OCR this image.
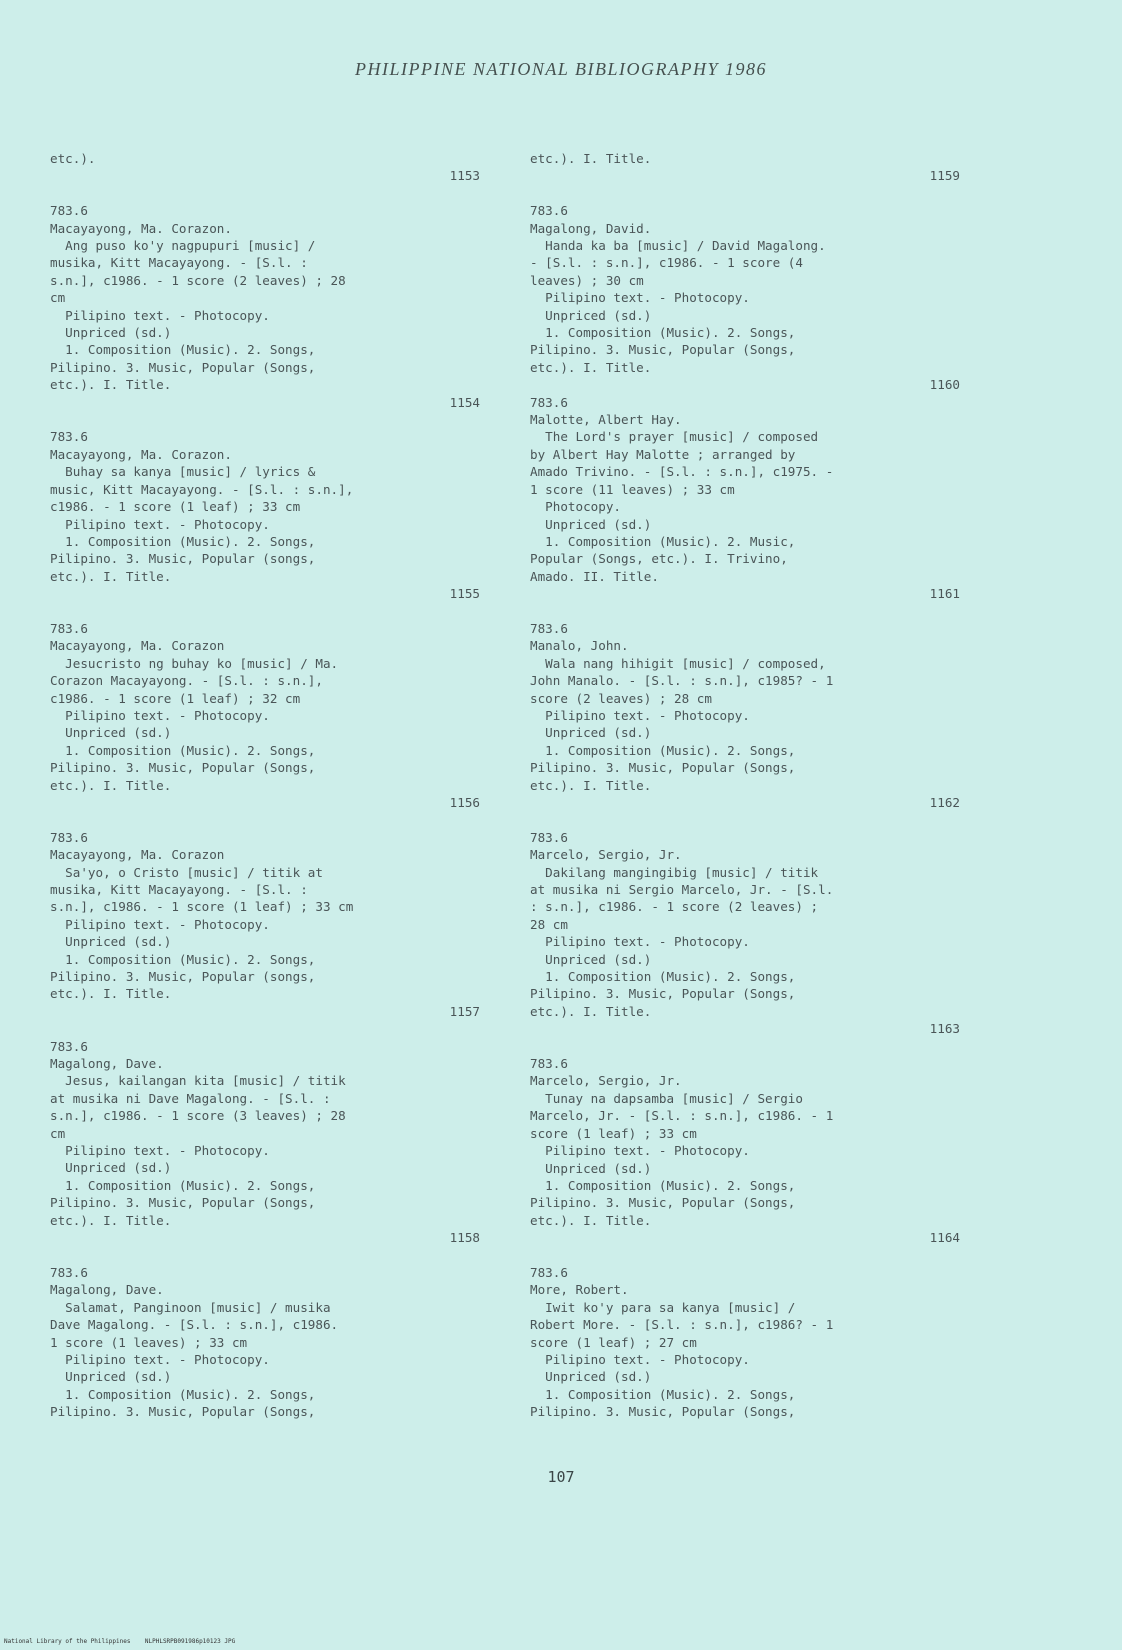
PHILIPPINE NATIONAL BIBLIOGRAPHY 1986
etc.).
1153
783.6
Macayayong, Ma. Corazon.
Ang puso ko'y nagpupuri [music] /
musika, Kitt Macayayong. - [S.l. :
s.n.], c1986. - 1 score (2 leaves) ; 28
cm
Pilipino text. - Photocopy.
Unpriced (sd.)
1. Composition (Music). 2. Songs,
Pilipino. 3. Music, Popular (Songs,
etc.). I. Title.
1154
783.6
Macayayong, Ma. Corazon.
Buhay sa kanya [music] / lyrics &
music, Kitt Macayayong. - [S.l. : s.n.],
c1986. - 1 score (1 leaf) ; 33 cm
Pilipino text. - Photocopy.
1. Composition (Music). 2. Songs,
Pilipino. 3. Music, Popular (songs,
etc.). I. Title.
1155
783.6
Macayayong, Ma. Corazon
Jesucristo ng buhay ko [music] / Ma.
Corazon Macayayong. - [S.l. : s.n.],
c1986. - 1 score (1 leaf) ; 32 cm
Pilipino text. - Photocopy.
Unpriced (sd.)
1. Composition (Music). 2. Songs,
Pilipino. 3. Music, Popular (Songs,
etc.). I. Title.
1156
783.6
Macayayong, Ma. Corazon
Sa'yo, o Cristo [music] / titik at
musika, Kitt Macayayong. - [S.l. :
s.n.], c1986. - 1 score (1 leaf) ; 33 cm
Pilipino text. - Photocopy.
Unpriced (sd.)
1. Composition (Music). 2. Songs,
Pilipino. 3. Music, Popular (songs,
etc.). I. Title.
1157
783.6
Magalong, Dave.
Jesus, kailangan kita [music] / titik
at musika ni Dave Magalong. - [S.l. :
s.n.], c1986. - 1 score (3 leaves) ; 28
cm
Pilipino text. - Photocopy.
Unpriced (sd.)
1. Composition (Music). 2. Songs,
Pilipino. 3. Music, Popular (Songs,
etc.). I. Title.
1158
783.6
Magalong, Dave.
Salamat, Panginoon [music] / musika
Dave Magalong. - [S.l. : s.n.], c1986.
1 score (1 leaves) ; 33 cm
Pilipino text. - Photocopy.
Unpriced (sd.)
1. Composition (Music). 2. Songs,
Pilipino. 3. Music, Popular (Songs,
etc.). I. Title.
1159
783.6
Magalong, David.
Handa ka ba [music] / David Magalong.
- [S.l. : s.n.], c1986. - 1 score (4
leaves) ; 30 cm
Pilipino text. - Photocopy.
Unpriced (sd.)
1. Composition (Music). 2. Songs,
Pilipino. 3. Music, Popular (Songs,
etc.). I. Title.
1160
783.6
Malotte, Albert Hay.
The Lord's prayer [music] / composed
by Albert Hay Malotte ; arranged by
Amado Trivino. - [S.l. : s.n.], c1975. -
1 score (11 leaves) ; 33 cm
Photocopy.
Unpriced (sd.)
1. Composition (Music). 2. Music,
Popular (Songs, etc.). I. Trivino,
Amado. II. Title.
1161
783.6
Manalo, John.
Wala nang hihigit [music] / composed,
John Manalo. - [S.l. : s.n.], c1985? - 1
score (2 leaves) ; 28 cm
Pilipino text. - Photocopy.
Unpriced (sd.)
1. Composition (Music). 2. Songs,
Pilipino. 3. Music, Popular (Songs,
etc.). I. Title.
1162
783.6
Marcelo, Sergio, Jr.
Dakilang mangingibig [music] / titik
at musika ni Sergio Marcelo, Jr. - [S.l.
: s.n.], c1986. - 1 score (2 leaves) ;
28 cm
Pilipino text. - Photocopy.
Unpriced (sd.)
1. Composition (Music). 2. Songs,
Pilipino. 3. Music, Popular (Songs,
etc.). I. Title.
1163
783.6
Marcelo, Sergio, Jr.
Tunay na dapsamba [music] / Sergio
Marcelo, Jr. - [S.l. : s.n.], c1986. - 1
score (1 leaf) ; 33 cm
Pilipino text. - Photocopy.
Unpriced (sd.)
1. Composition (Music). 2. Songs,
Pilipino. 3. Music, Popular (Songs,
etc.). I. Title.
1164
783.6
More, Robert.
Iwit ko'y para sa kanya [music] /
Robert More. - [S.l. : s.n.], c1986? - 1
score (1 leaf) ; 27 cm
Pilipino text. - Photocopy.
Unpriced (sd.)
1. Composition (Music). 2. Songs,
Pilipino. 3. Music, Popular (Songs,
107
National Library of the Philippines    NLPHLSRPB091986p10123 JPG
